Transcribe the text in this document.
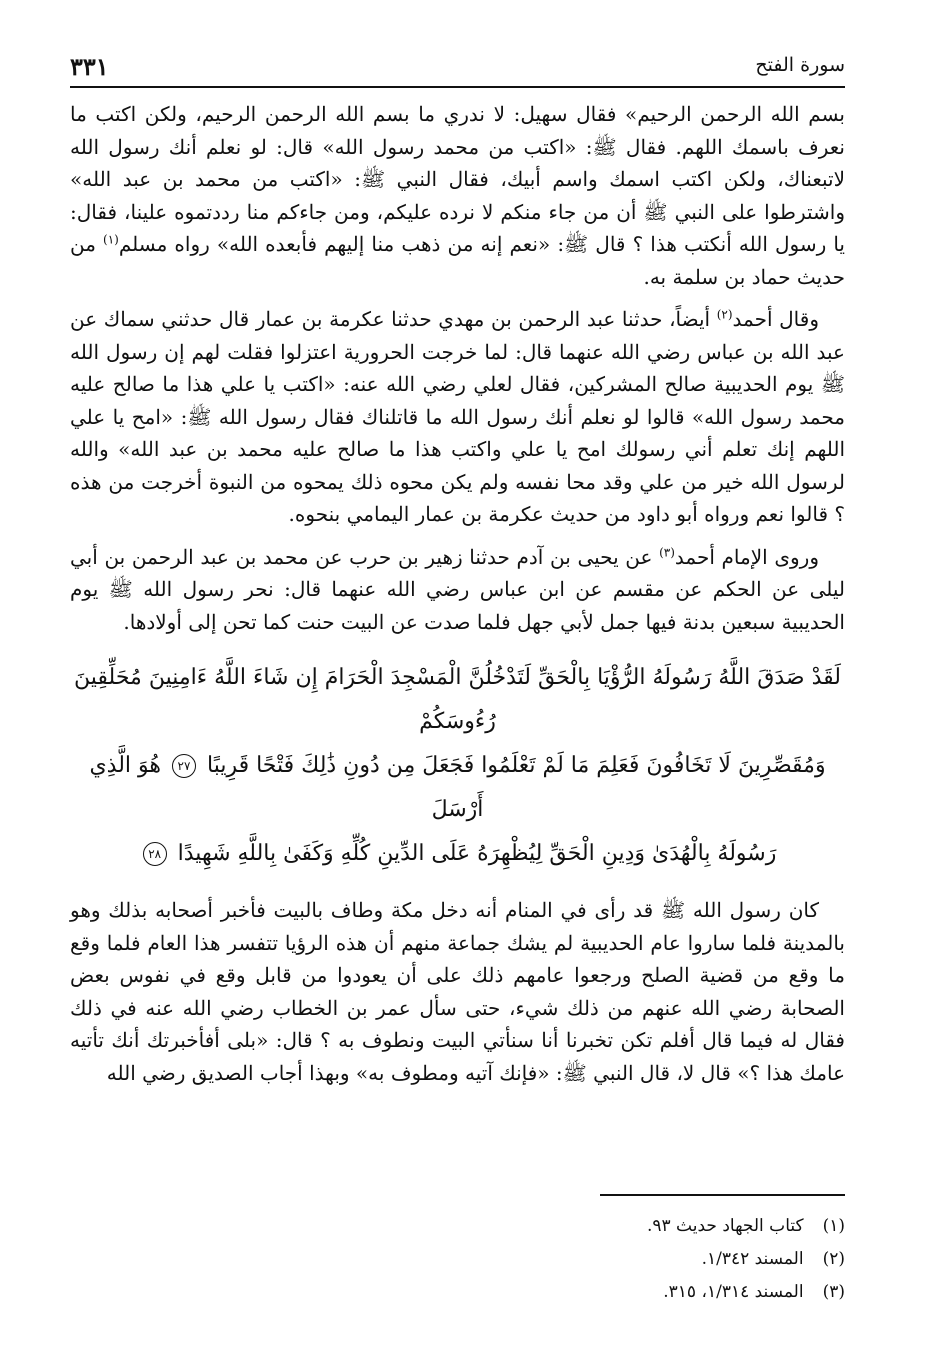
سورة الفتح
٣٣١

بسم الله الرحمن الرحيم» فقال سهيل: لا ندري ما بسم الله الرحمن الرحيم، ولكن اكتب ما نعرف باسمك اللهم. فقال ﷺ: «اكتب من محمد رسول الله» قال: لو نعلم أنك رسول الله لاتبعناك، ولكن اكتب اسمك واسم أبيك، فقال النبي ﷺ: «اكتب من محمد بن عبد الله» واشترطوا على النبي ﷺ أن من جاء منكم لا نرده عليكم، ومن جاءكم منا رددتموه علينا، فقال: يا رسول الله أنكتب هذا ؟ قال ﷺ: «نعم إنه من ذهب منا إليهم فأبعده الله» رواه مسلم$^{(١)}$ من حديث حماد بن سلمة به.

وقال أحمد$^{(٢)}$ أيضاً، حدثنا عبد الرحمن بن مهدي حدثنا عكرمة بن عمار قال حدثني سماك عن عبد الله بن عباس رضي الله عنهما قال: لما خرجت الحرورية اعتزلوا فقلت لهم إن رسول الله ﷺ يوم الحديبية صالح المشركين، فقال لعلي رضي الله عنه: «اكتب يا علي هذا ما صالح عليه محمد رسول الله» قالوا لو نعلم أنك رسول الله ما قاتلناك فقال رسول الله ﷺ: «امح يا علي اللهم إنك تعلم أني رسولك امح يا علي واكتب هذا ما صالح عليه محمد بن عبد الله» والله لرسول الله خير من علي وقد محا نفسه ولم يكن محوه ذلك يمحوه من النبوة أخرجت من هذه ؟ قالوا نعم ورواه أبو داود من حديث عكرمة بن عمار اليمامي بنحوه.

وروى الإمام أحمد$^{(٣)}$ عن يحيى بن آدم حدثنا زهير بن حرب عن محمد بن عبد الرحمن بن أبي ليلى عن الحكم عن مقسم عن ابن عباس رضي الله عنهما قال: نحر رسول الله ﷺ يوم الحديبية سبعين بدنة فيها جمل لأبي جهل فلما صدت عن البيت حنت كما تحن إلى أولادها.

لَقَدْ صَدَقَ اللَّهُ رَسُولَهُ الرُّؤْيَا بِالْحَقِّ لَتَدْخُلُنَّ الْمَسْجِدَ الْحَرَامَ إِن شَاءَ اللَّهُ ءَامِنِينَ مُحَلِّقِينَ رُءُوسَكُمْ
وَمُقَصِّرِينَ لَا تَخَافُونَ فَعَلِمَ مَا لَمْ تَعْلَمُوا فَجَعَلَ مِن دُونِ ذَٰلِكَ فَتْحًا قَرِيبًا ٢٧ هُوَ الَّذِي أَرْسَلَ
رَسُولَهُ بِالْهُدَىٰ وَدِينِ الْحَقِّ لِيُظْهِرَهُ عَلَى الدِّينِ كُلِّهِ وَكَفَىٰ بِاللَّهِ شَهِيدًا ٢٨

كان رسول الله ﷺ قد رأى في المنام أنه دخل مكة وطاف بالبيت فأخبر أصحابه بذلك وهو بالمدينة فلما ساروا عام الحديبية لم يشك جماعة منهم أن هذه الرؤيا تتفسر هذا العام فلما وقع ما وقع من قضية الصلح ورجعوا عامهم ذلك على أن يعودوا من قابل وقع في نفوس بعض الصحابة رضي الله عنهم من ذلك شيء، حتى سأل عمر بن الخطاب رضي الله عنه في ذلك فقال له فيما قال أفلم تكن تخبرنا أنا سنأتي البيت ونطوف به ؟ قال: «بلى أفأخبرتك أنك تأتيه عامك هذا ؟» قال لا، قال النبي ﷺ: «فإنك آتيه ومطوف به» وبهذا أجاب الصديق رضي الله

(١) كتاب الجهاد حديث ٩٣.
(٢) المسند ١/٣٤٢.
(٣) المسند ١/٣١٤، ٣١٥.
